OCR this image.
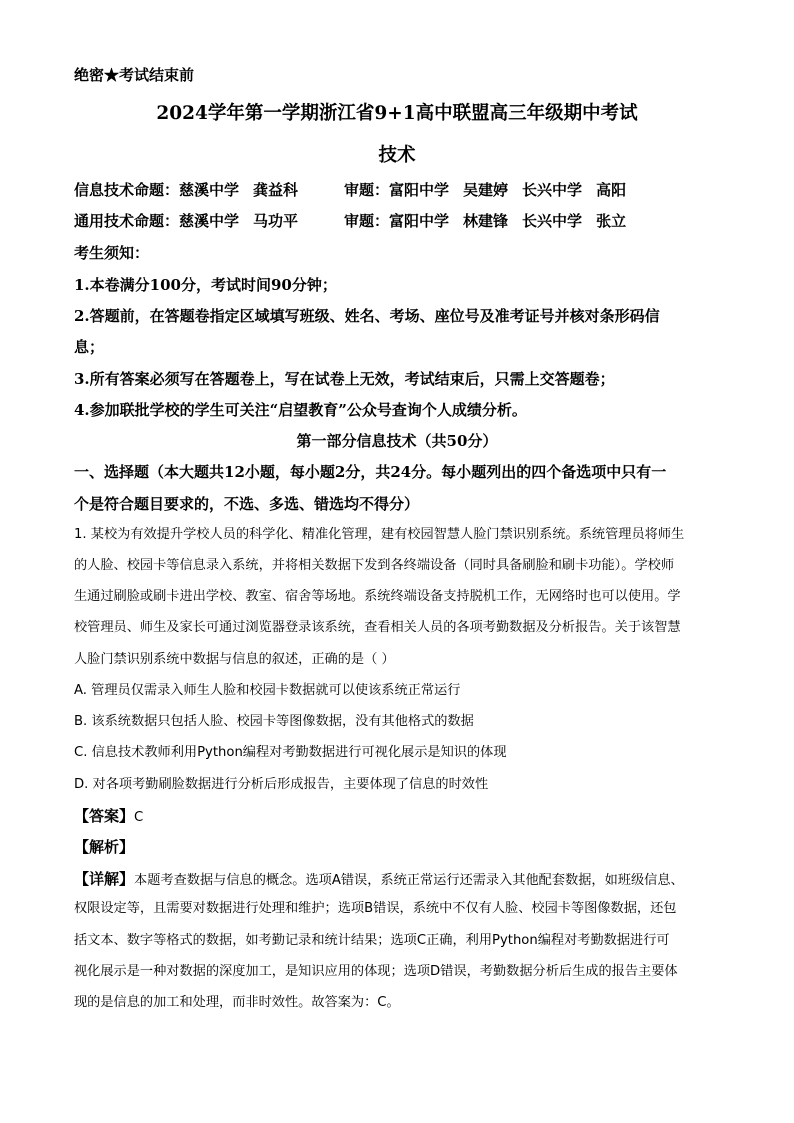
绝密★考试结束前
2024学年第一学期浙江省9+1高中联盟高三年级期中考试
技术
信息技术命题：慈溪中学 龚益科	审题：富阳中学 吴建婷 长兴中学 高阳
通用技术命题：慈溪中学 马功平	审题：富阳中学 林建锋 长兴中学 张立
考生须知：
1.本卷满分100分，考试时间90分钟；
2.答题前，在答题卷指定区域填写班级、姓名、考场、座位号及准考证号并核对条形码信
息；
3.所有答案必须写在答题卷上，写在试卷上无效，考试结束后，只需上交答题卷；
4.参加联批学校的学生可关注“启望教育”公众号查询个人成绩分析。
第一部分信息技术（共50分）
一、选择题（本大题共12小题，每小题2分，共24分。每小题列出的四个备选项中只有一
个是符合题目要求的，不选、多选、错选均不得分）
1. 某校为有效提升学校人员的科学化、精准化管理，建有校园智慧人脸门禁识别系统。系统管理员将师生
的人脸、校园卡等信息录入系统，并将相关数据下发到各终端设备（同时具备刷脸和刷卡功能）。学校师
生通过刷脸或刷卡进出学校、教室、宿舍等场地。系统终端设备支持脱机工作，无网络时也可以使用。学
校管理员、师生及家长可通过浏览器登录该系统，查看相关人员的各项考勤数据及分析报告。关于该智慧
人脸门禁识别系统中数据与信息的叙述，正确的是（ ）
A. 管理员仅需录入师生人脸和校园卡数据就可以使该系统正常运行
B. 该系统数据只包括人脸、校园卡等图像数据，没有其他格式的数据
C. 信息技术教师利用Python编程对考勤数据进行可视化展示是知识的体现
D. 对各项考勤刷脸数据进行分析后形成报告，主要体现了信息的时效性
【答案】C
【解析】
【详解】本题考查数据与信息的概念。选项A错误，系统正常运行还需录入其他配套数据，如班级信息、
权限设定等，且需要对数据进行处理和维护；选项B错误，系统中不仅有人脸、校园卡等图像数据，还包
括文本、数字等格式的数据，如考勤记录和统计结果；选项C正确，利用Python编程对考勤数据进行可
视化展示是一种对数据的深度加工，是知识应用的体现；选项D错误，考勤数据分析后生成的报告主要体
现的是信息的加工和处理，而非时效性。故答案为：C。
